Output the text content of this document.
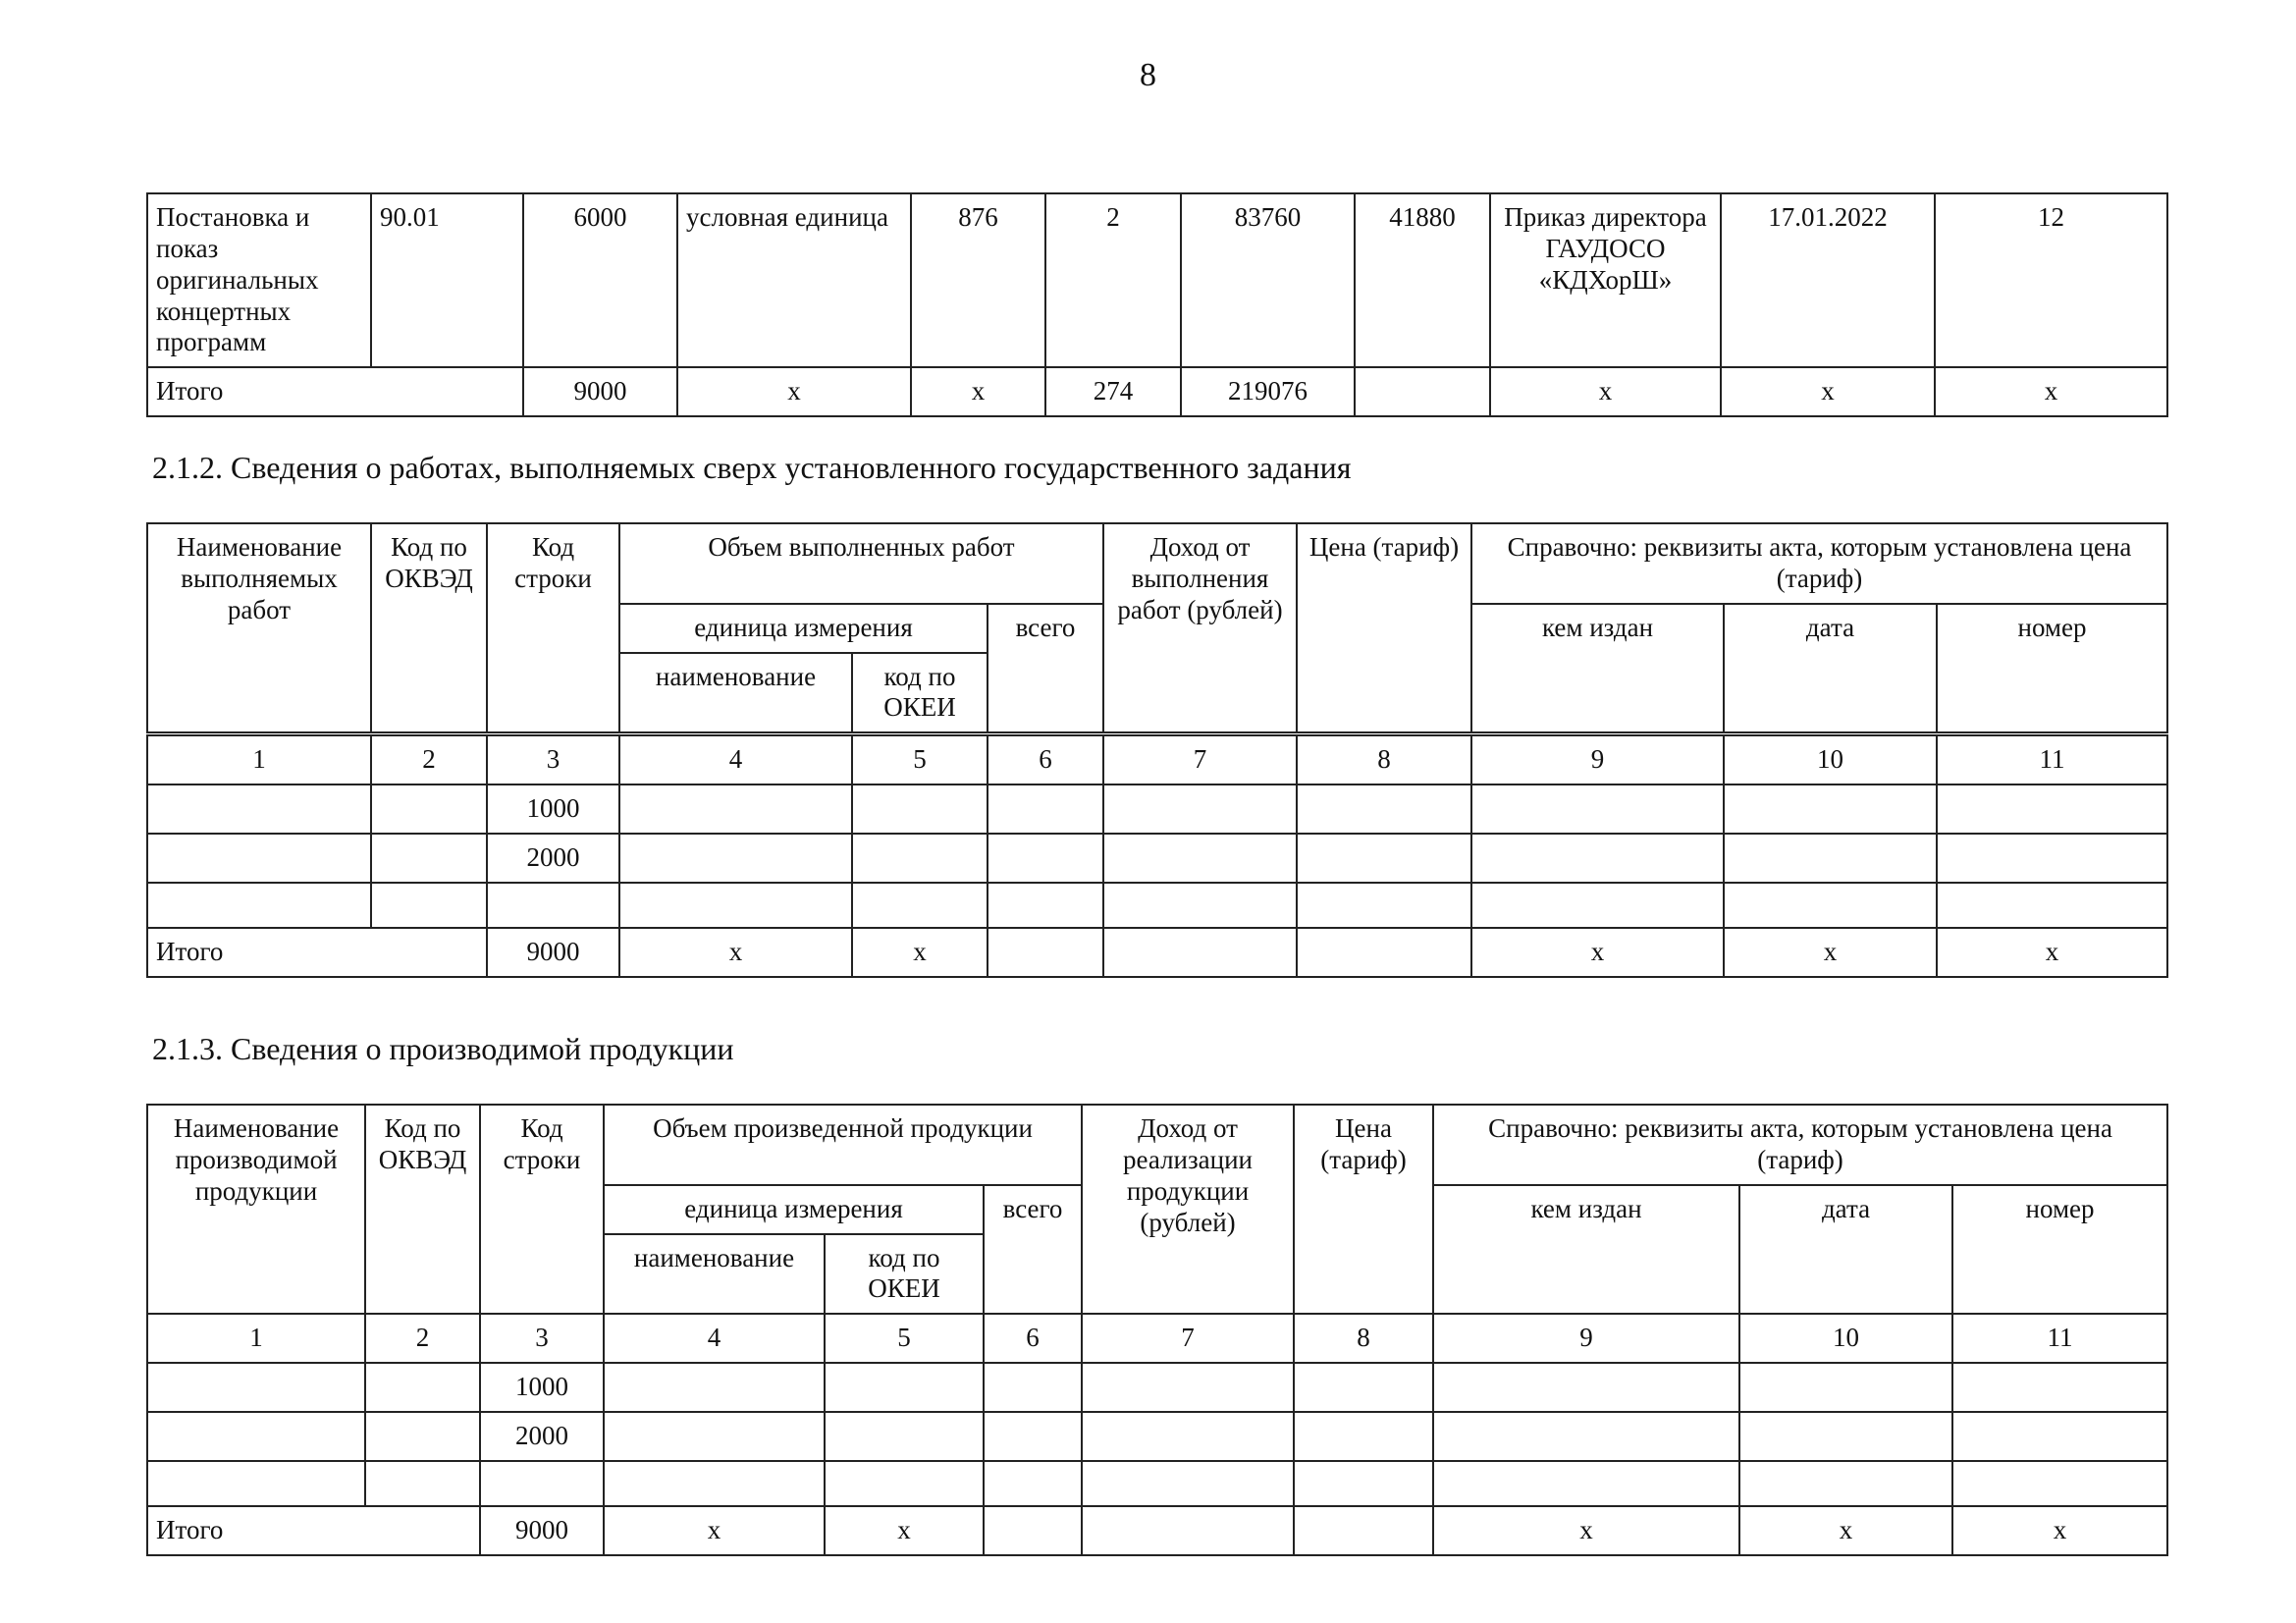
8
Постановка и показ оригинальных концертных программ	90.01	6000	условная единица	876	2	83760	41880	Приказ директора ГАУДОСО «КДХорШ»	17.01.2022	12
Итого		9000	х	х	274	219076		х	х	х
2.1.2. Сведения о работах, выполняемых сверх установленного государственного задания
Наименование выполняемых работ	Код по ОКВЭД	Код строки	Объем выполненных работ			Доход от выполнения работ (рублей)	Цена (тариф)	Справочно: реквизиты акта, которым установлена цена (тариф)		
			единица измерения		всего			кем издан	дата	номер
			наименование	код по ОКЕИ						
1	2	3	4	5	6	7	8	9	10	11
		1000								
		2000								

Итого		9000	х	х				х	х	х
2.1.3. Сведения о производимой продукции
Наименование производимой продукции	Код по ОКВЭД	Код строки	Объем произведенной продукции			Доход от реализации продукции (рублей)	Цена (тариф)	Справочно: реквизиты акта, которым установлена цена (тариф)		
			единица измерения		всего			кем издан	дата	номер
			наименование	код по ОКЕИ						
1	2	3	4	5	6	7	8	9	10	11
		1000								
		2000								

Итого		9000	х	х				х	х	х
